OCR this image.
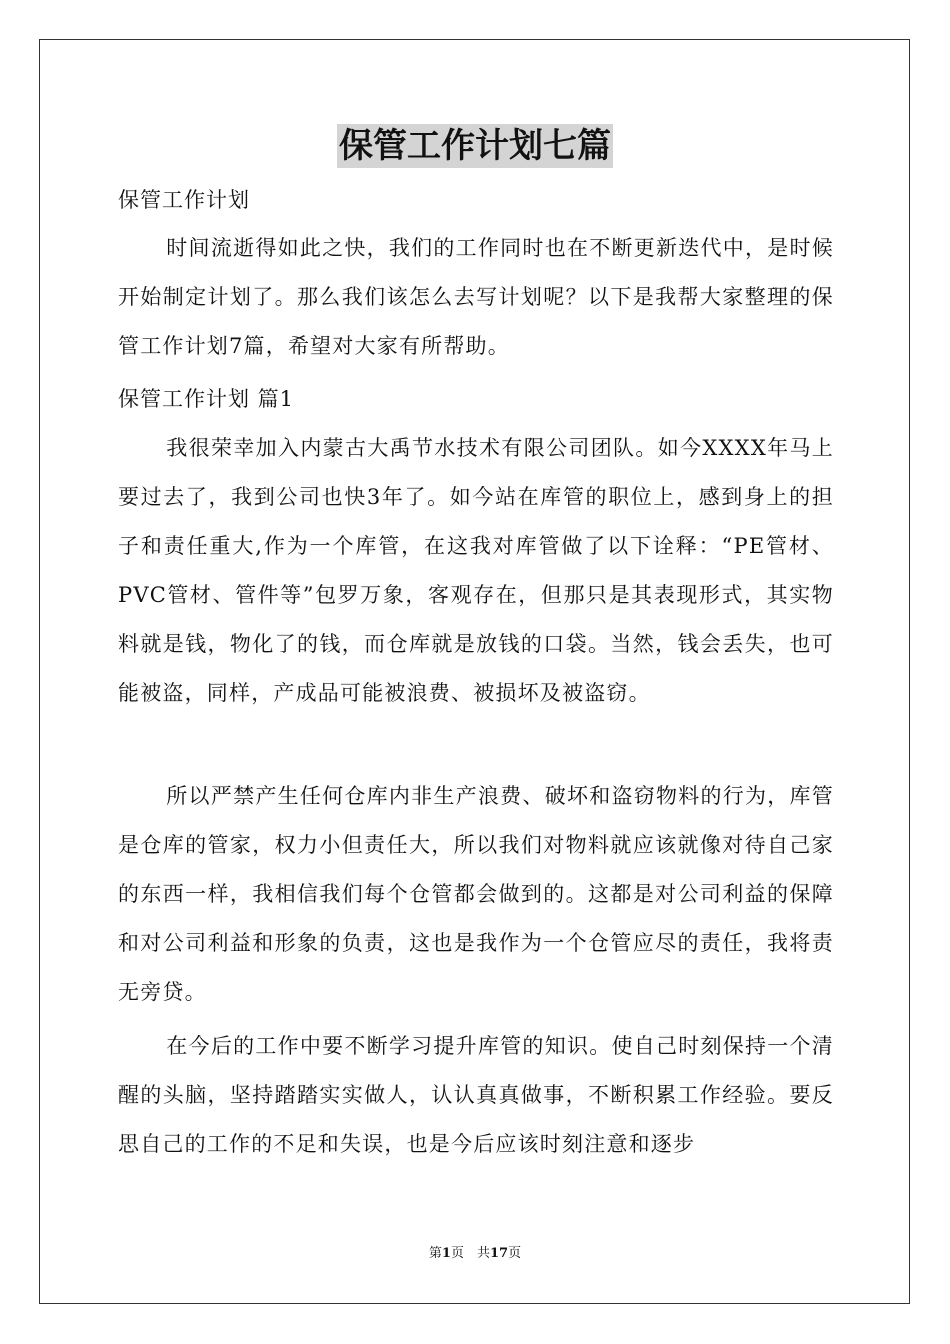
保管工作计划七篇
保管工作计划

时间流逝得如此之快，我们的工作同时也在不断更新迭代中，是时候开始制定计划了。那么我们该怎么去写计划呢？以下是我帮大家整理的保管工作计划7篇，希望对大家有所帮助。

保管工作计划 篇1

我很荣幸加入内蒙古大禹节水技术有限公司团队。如今XXXX年马上要过去了，我到公司也快3年了。如今站在库管的职位上，感到身上的担子和责任重大,作为一个库管，在这我对库管做了以下诠释：“PE管材、PVC管材、管件等”包罗万象，客观存在，但那只是其表现形式，其实物料就是钱，物化了的钱，而仓库就是放钱的口袋。当然，钱会丢失，也可能被盗，同样，产成品可能被浪费、被损坏及被盗窃。

所以严禁产生任何仓库内非生产浪费、破坏和盗窃物料的行为，库管是仓库的管家，权力小但责任大，所以我们对物料就应该就像对待自己家的东西一样，我相信我们每个仓管都会做到的。这都是对公司利益的保障和对公司利益和形象的负责，这也是我作为一个仓管应尽的责任，我将责无旁贷。

在今后的工作中要不断学习提升库管的知识。使自己时刻保持一个清醒的头脑，坚持踏踏实实做人，认认真真做事，不断积累工作经验。要反思自己的工作的不足和失误，也是今后应该时刻注意和逐步

第1页　共17页
